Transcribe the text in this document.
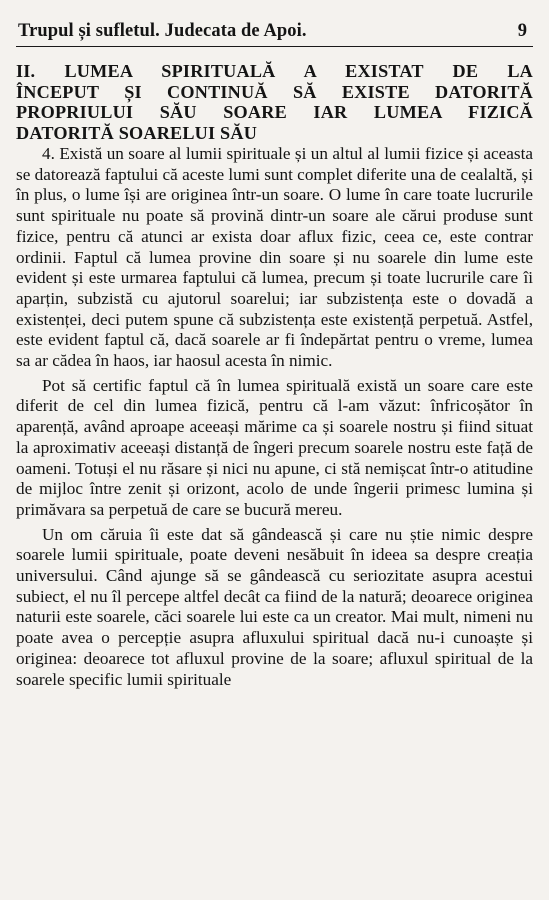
Trupul și sufletul. Judecata de Apoi.	9
II. LUMEA SPIRITUALĂ A EXISTAT DE LA
ÎNCEPUT ȘI CONTINUĂ SĂ EXISTE DATORITĂ
PROPRIULUI SĂU SOARE IAR LUMEA FIZICĂ
DATORITĂ SOARELUI SĂU

4. Există un soare al lumii spirituale și un altul al lumii fizice și aceasta se datorează faptului că aceste lumi sunt complet diferite una de cealaltă, și în plus, o lume își are originea într-un soare. O lume în care toate lucrurile sunt spirituale nu poate să provină dintr-un soare ale cărui produse sunt fizice, pentru că atunci ar exista doar aflux fizic, ceea ce, este contrar ordinii. Faptul că lumea provine din soare și nu soarele din lume este evident și este urmarea faptului că lumea, precum și toate lucrurile care îi aparțin, subzistă cu ajutorul soarelui; iar subzistența este o dovadă a existenței, deci putem spune că subzistența este existență perpetuă. Astfel, este evident faptul că, dacă soarele ar fi îndepărtat pentru o vreme, lumea sa ar cădea în haos, iar haosul acesta în nimic.

Pot să certific faptul că în lumea spirituală există un soare care este diferit de cel din lumea fizică, pentru că l-am văzut: înfricoșător în aparență, având aproape aceeași mărime ca și soarele nostru și fiind situat la aproximativ aceeași distanță de îngeri precum soarele nostru este față de oameni. Totuși el nu răsare și nici nu apune, ci stă nemișcat într-o atitudine de mijloc între zenit și orizont, acolo de unde îngerii primesc lumina și primăvara sa perpetuă de care se bucură mereu.

Un om căruia îi este dat să gândească și care nu știe nimic despre soarele lumii spirituale, poate deveni nesăbuit în ideea sa despre creația universului. Când ajunge să se gândească cu seriozitate asupra acestui subiect, el nu îl percepe altfel decât ca fiind de la natură; deoarece originea naturii este soarele, căci soarele lui este ca un creator. Mai mult, nimeni nu poate avea o percepție asupra afluxului spiritual dacă nu-i cunoaște și originea: deoarece tot afluxul provine de la soare; afluxul spiritual de la soarele specific lumii spirituale
